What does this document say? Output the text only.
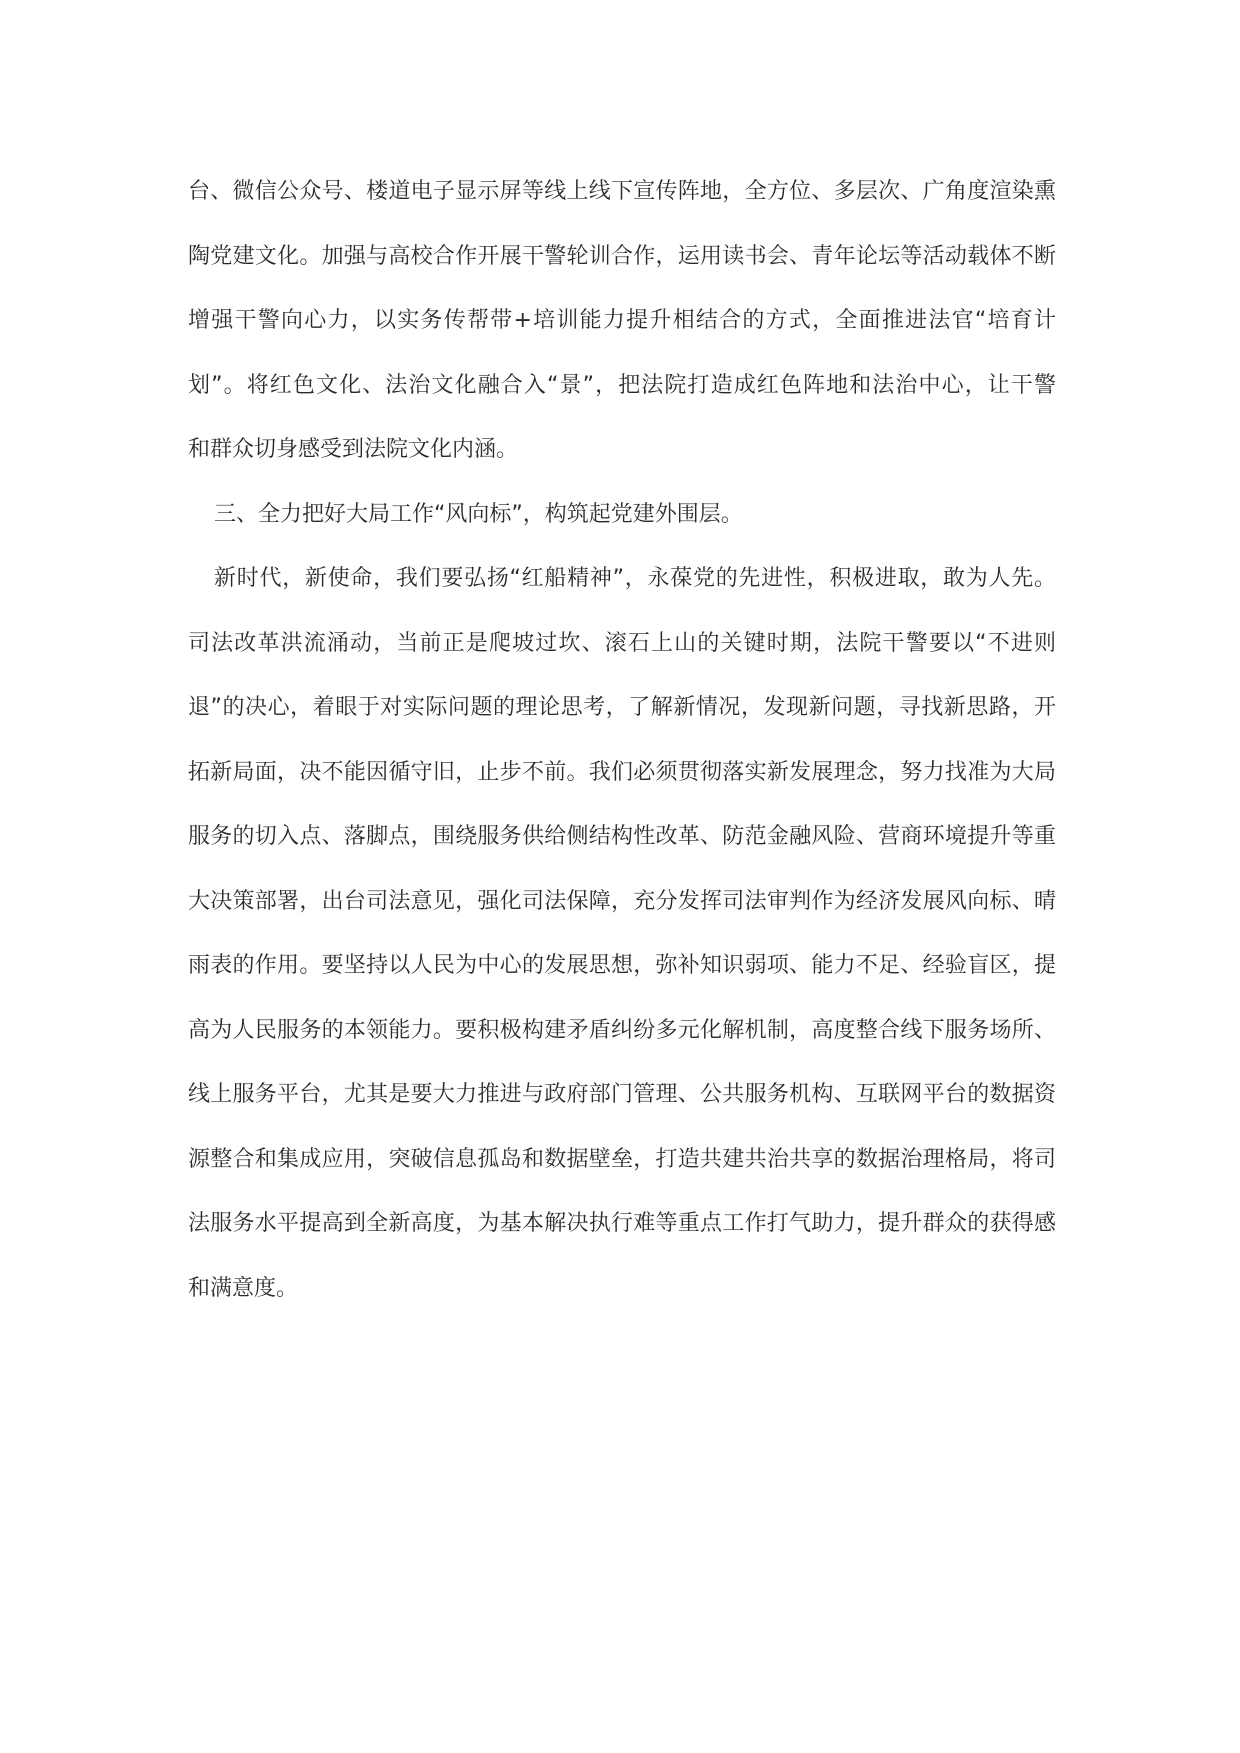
台、微信公众号、楼道电子显示屏等线上线下宣传阵地，全方位、多层次、广角度渲染熏
陶党建文化。加强与高校合作开展干警轮训合作，运用读书会、青年论坛等活动载体不断
增强干警向心力，以实务传帮带+培训能力提升相结合的方式，全面推进法官“培育计
划”。将红色文化、法治文化融合入“景”，把法院打造成红色阵地和法治中心，让干警
和群众切身感受到法院文化内涵。
三、全力把好大局工作“风向标”，构筑起党建外围层。
新时代，新使命，我们要弘扬“红船精神”，永葆党的先进性，积极进取，敢为人先。
司法改革洪流涌动，当前正是爬坡过坎、滚石上山的关键时期，法院干警要以“不进则
退”的决心，着眼于对实际问题的理论思考，了解新情况，发现新问题，寻找新思路，开
拓新局面，决不能因循守旧，止步不前。我们必须贯彻落实新发展理念，努力找准为大局
服务的切入点、落脚点，围绕服务供给侧结构性改革、防范金融风险、营商环境提升等重
大决策部署，出台司法意见，强化司法保障，充分发挥司法审判作为经济发展风向标、晴
雨表的作用。要坚持以人民为中心的发展思想，弥补知识弱项、能力不足、经验盲区，提
高为人民服务的本领能力。要积极构建矛盾纠纷多元化解机制，高度整合线下服务场所、
线上服务平台，尤其是要大力推进与政府部门管理、公共服务机构、互联网平台的数据资
源整合和集成应用，突破信息孤岛和数据壁垒，打造共建共治共享的数据治理格局，将司
法服务水平提高到全新高度，为基本解决执行难等重点工作打气助力，提升群众的获得感
和满意度。
